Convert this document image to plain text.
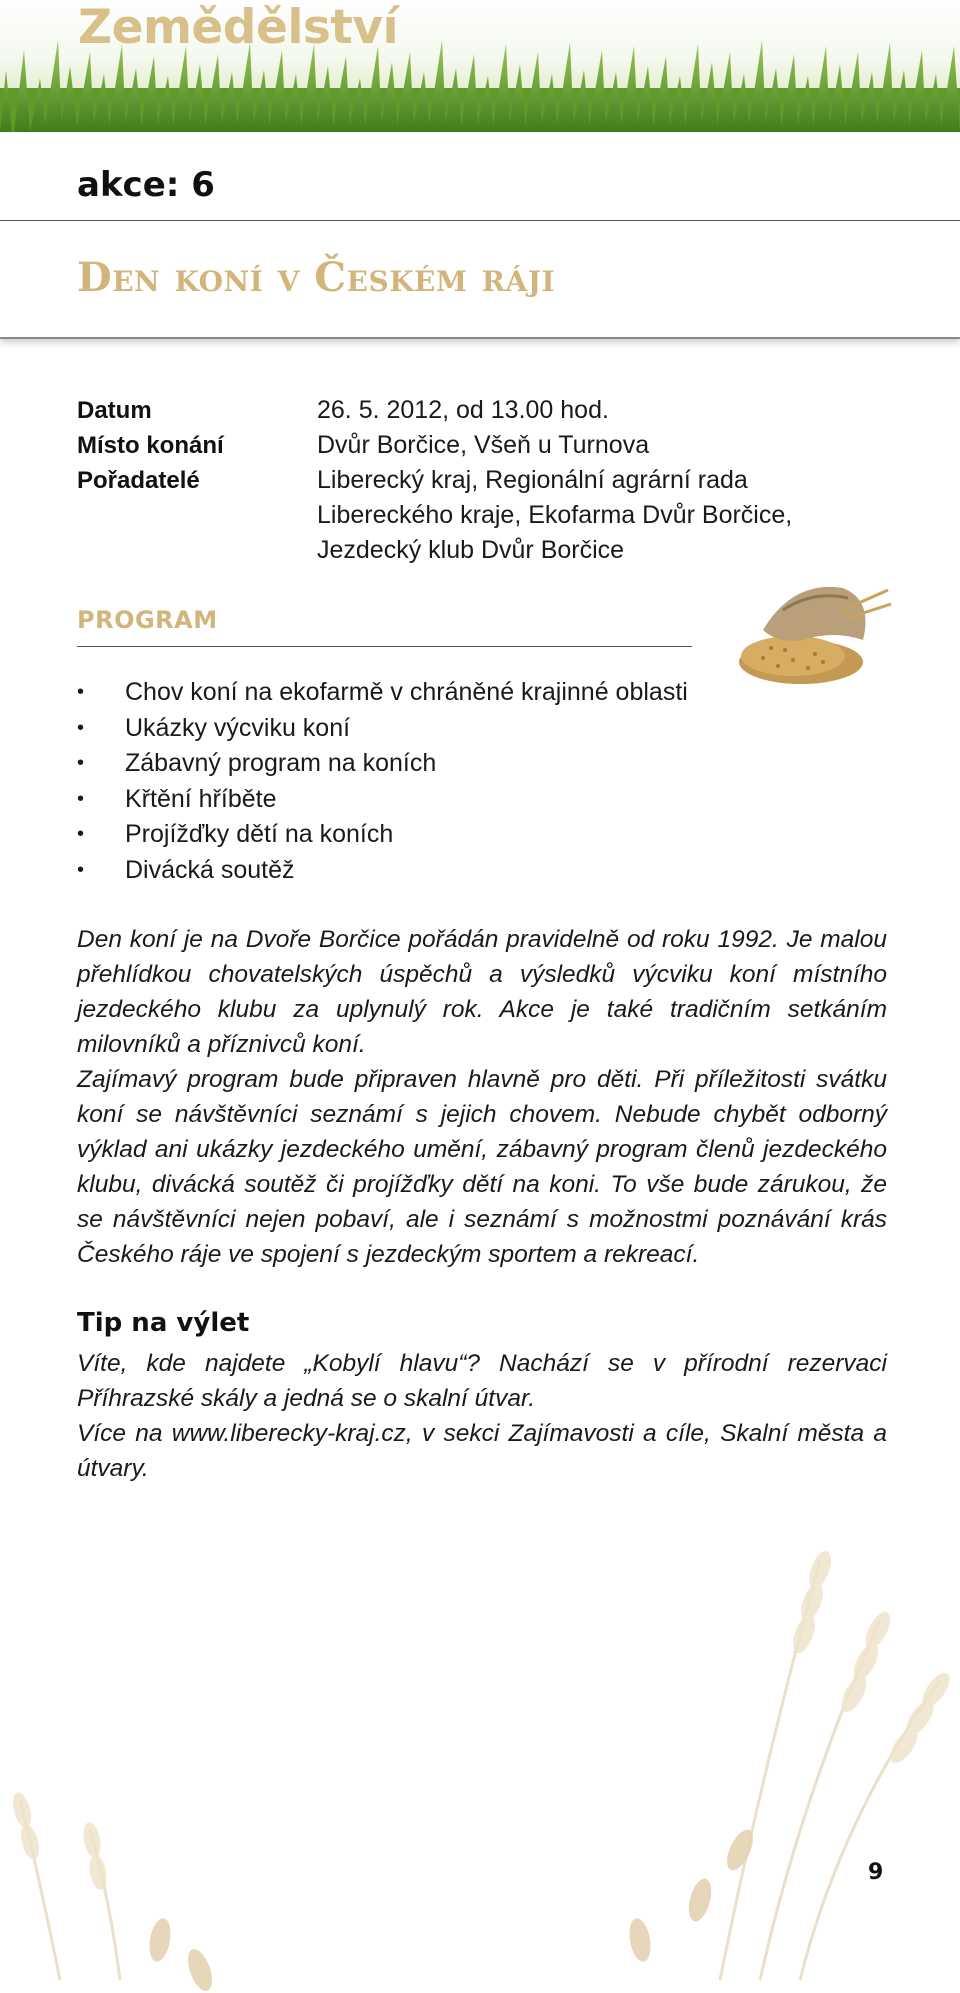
Zemědělství
akce: 6
Den koní v Českém ráji
Datum	26. 5. 2012, od 13.00 hod.
Místo konání	Dvůr Borčice, Všeň u Turnova
Pořadatelé	Liberecký kraj, Regionální agrární rada
Libereckého kraje, Ekofarma Dvůr Borčice,
Jezdecký klub Dvůr Borčice
PROGRAM
•	Chov koní na ekofarmě v chráněné krajinné oblasti
•	Ukázky výcviku koní
•	Zábavný program na koních
•	Křtění hříběte
•	Projížďky dětí na koních
•	Divácká soutěž

Den koní je na Dvoře Borčice pořádán pravidelně od roku 1992. Je malou přehlídkou chovatelských úspěchů a výsledků výcviku koní místního jezdeckého klubu za uplynulý rok. Akce je také tradičním setkáním milovníků a příznivců koní.

Zajímavý program bude připraven hlavně pro děti. Při příležitosti svátku koní se návštěvníci seznámí s jejich chovem. Nebude chybět odborný výklad ani ukázky jezdeckého umění, zábavný program členů jezdeckého klubu, divácká soutěž či projížďky dětí na koni. To vše bude zárukou, že se návštěvníci nejen pobaví, ale i seznámí s možnostmi poznávání krás Českého ráje ve spojení s jezdeckým sportem a rekreací.

Tip na výlet

Víte, kde najdete „Kobylí hlavu“? Nachází se v přírodní rezervaci Příhrazské skály a jedná se o skalní útvar.

Více na www.liberecky-kraj.cz, v sekci Zajímavosti a cíle, Skalní města a útvary.

9
